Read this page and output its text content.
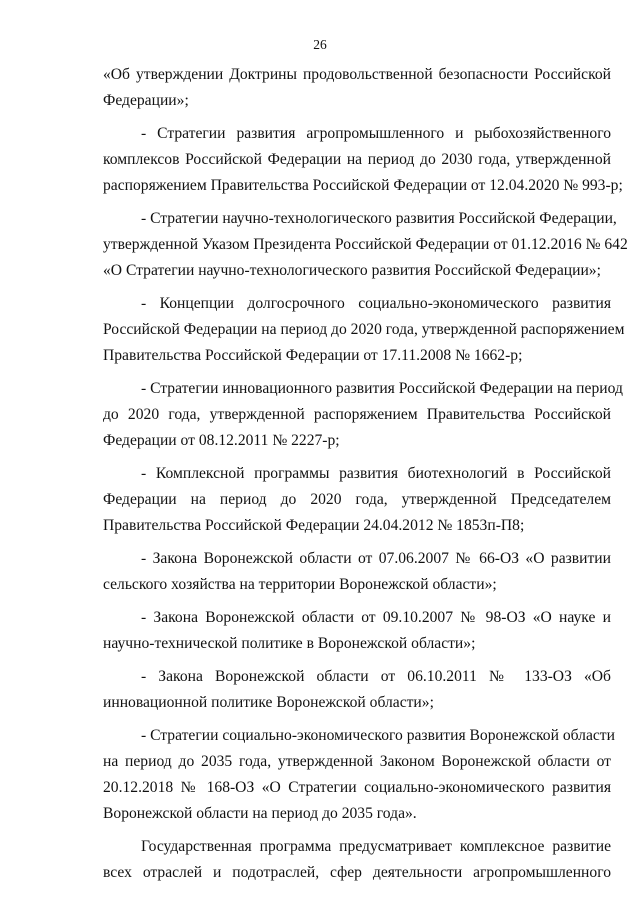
26

«Об утверждении Доктрины продовольственной безопасности Российской
Федерации»;

- Стратегии развития агропромышленного и рыбохозяйственного
комплексов Российской Федерации на период до 2030 года, утвержденной
распоряжением Правительства Российской Федерации от 12.04.2020 № 993-р;

- Стратегии научно-технологического развития Российской Федерации,
утвержденной Указом Президента Российской Федерации от 01.12.2016 № 642
«О Стратегии научно-технологического развития Российской Федерации»;

- Концепции долгосрочного социально-экономического развития
Российской Федерации на период до 2020 года, утвержденной распоряжением
Правительства Российской Федерации от 17.11.2008 № 1662-р;

- Стратегии инновационного развития Российской Федерации на период
до 2020 года, утвержденной распоряжением Правительства Российской
Федерации от 08.12.2011 № 2227-р;

- Комплексной программы развития биотехнологий в Российской
Федерации на период до 2020 года, утвержденной Председателем
Правительства Российской Федерации 24.04.2012 № 1853п-П8;

- Закона Воронежской области от 07.06.2007 № 66-ОЗ «О развитии
сельского хозяйства на территории Воронежской области»;

- Закона Воронежской области от 09.10.2007 № 98-ОЗ «О науке и
научно-технической политике в Воронежской области»;

- Закона Воронежской области от 06.10.2011 № 133-ОЗ «Об
инновационной политике Воронежской области»;

- Стратегии социально-экономического развития Воронежской области
на период до 2035 года, утвержденной Законом Воронежской области от
20.12.2018 № 168-ОЗ «О Стратегии социально-экономического развития
Воронежской области на период до 2035 года».

Государственная программа предусматривает комплексное развитие
всех отраслей и подотраслей, сфер деятельности агропромышленного
